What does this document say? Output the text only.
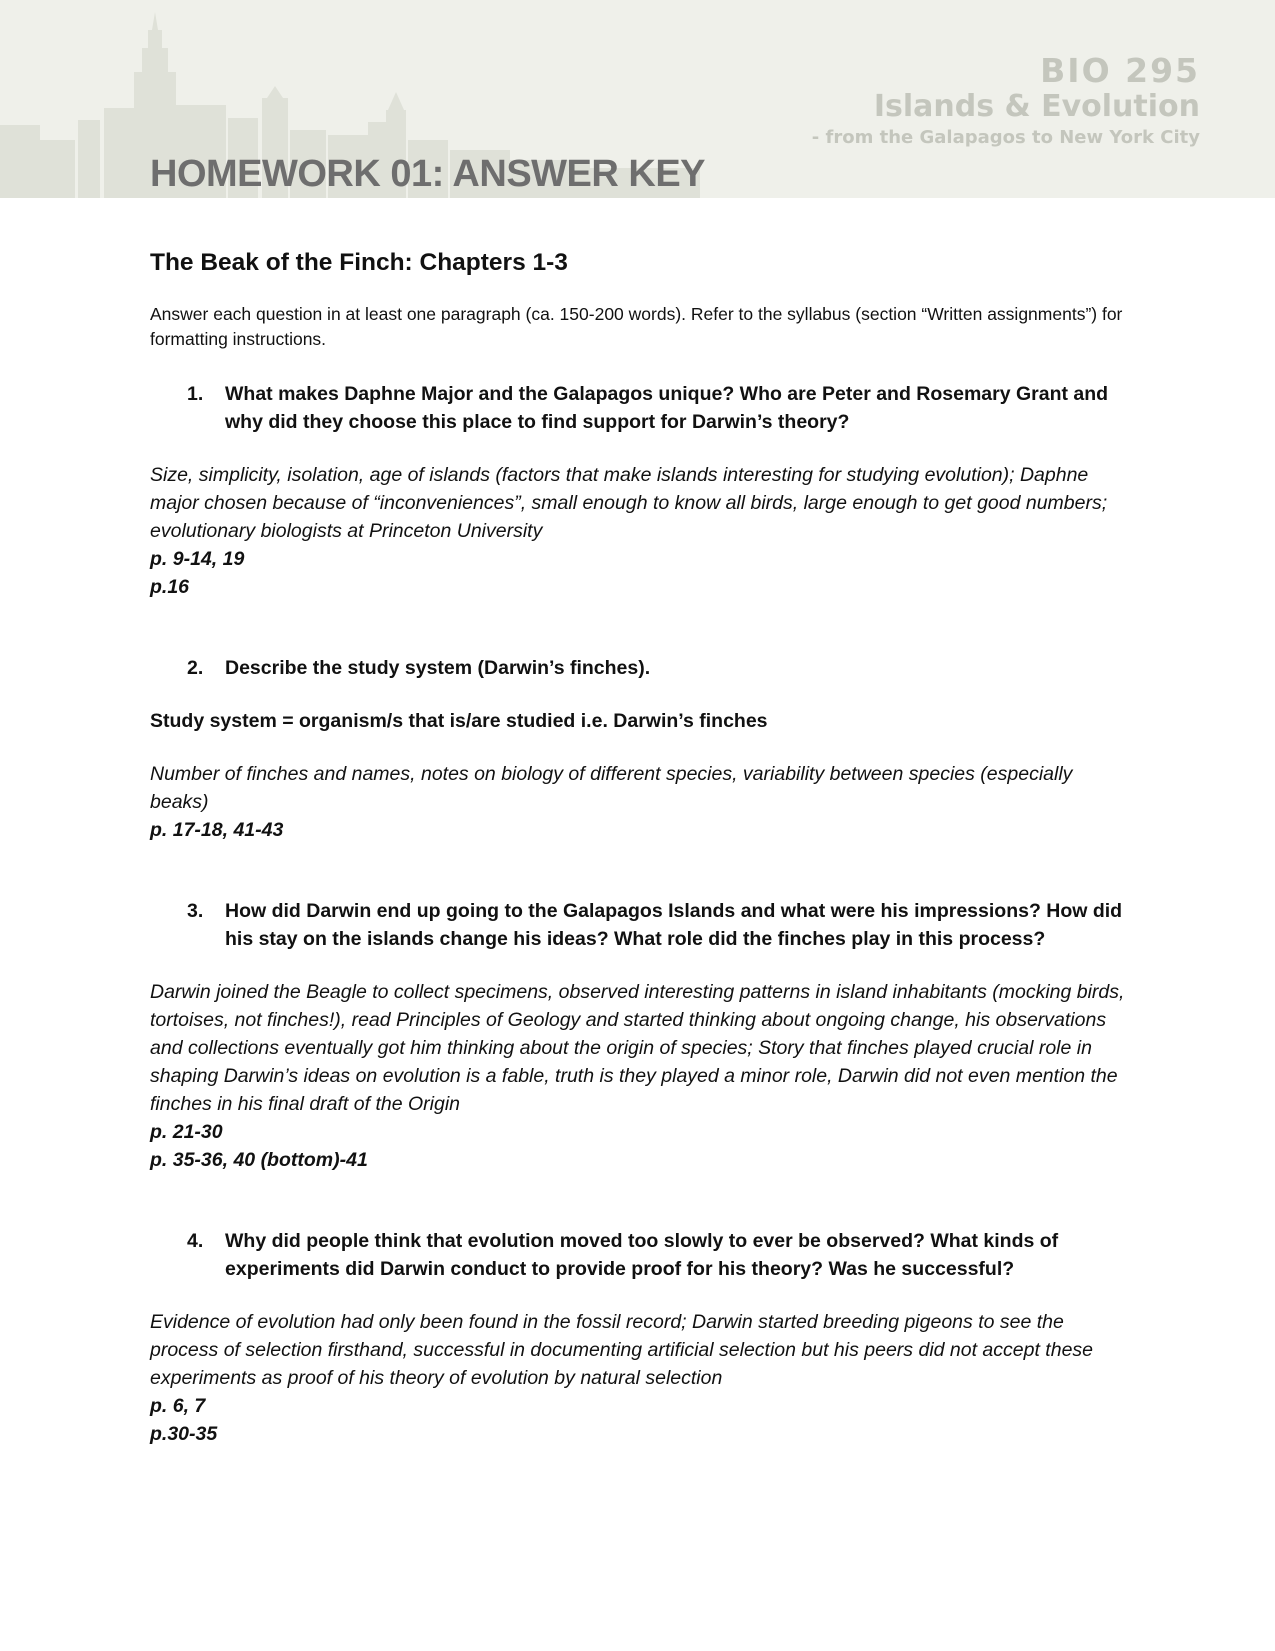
BIO 295
Islands & Evolution
- from the Galapagos to New York City
HOMEWORK 01: ANSWER KEY
The Beak of the Finch: Chapters 1-3

Answer each question in at least one paragraph (ca. 150-200 words). Refer to the syllabus (section “Written assignments”) for formatting instructions.

1. What makes Daphne Major and the Galapagos unique? Who are Peter and Rosemary Grant and why did they choose this place to find support for Darwin’s theory?

Size, simplicity, isolation, age of islands (factors that make islands interesting for studying evolution); Daphne major chosen because of “inconveniences”, small enough to know all birds, large enough to get good numbers; evolutionary biologists at Princeton University

p. 9-14, 19

p.16

2. Describe the study system (Darwin’s finches).

Study system = organism/s that is/are studied i.e. Darwin’s finches

Number of finches and names, notes on biology of different species, variability between species (especially beaks)

p. 17-18, 41-43

3. How did Darwin end up going to the Galapagos Islands and what were his impressions? How did his stay on the islands change his ideas? What role did the finches play in this process?

Darwin joined the Beagle to collect specimens, observed interesting patterns in island inhabitants (mocking birds, tortoises, not finches!), read Principles of Geology and started thinking about ongoing change, his observations and collections eventually got him thinking about the origin of species; Story that finches played crucial role in shaping Darwin’s ideas on evolution is a fable, truth is they played a minor role, Darwin did not even mention the finches in his final draft of the Origin

p. 21-30

p. 35-36, 40 (bottom)-41

4. Why did people think that evolution moved too slowly to ever be observed? What kinds of experiments did Darwin conduct to provide proof for his theory? Was he successful?

Evidence of evolution had only been found in the fossil record; Darwin started breeding pigeons to see the process of selection firsthand, successful in documenting artificial selection but his peers did not accept these experiments as proof of his theory of evolution by natural selection

p. 6, 7

p.30-35
